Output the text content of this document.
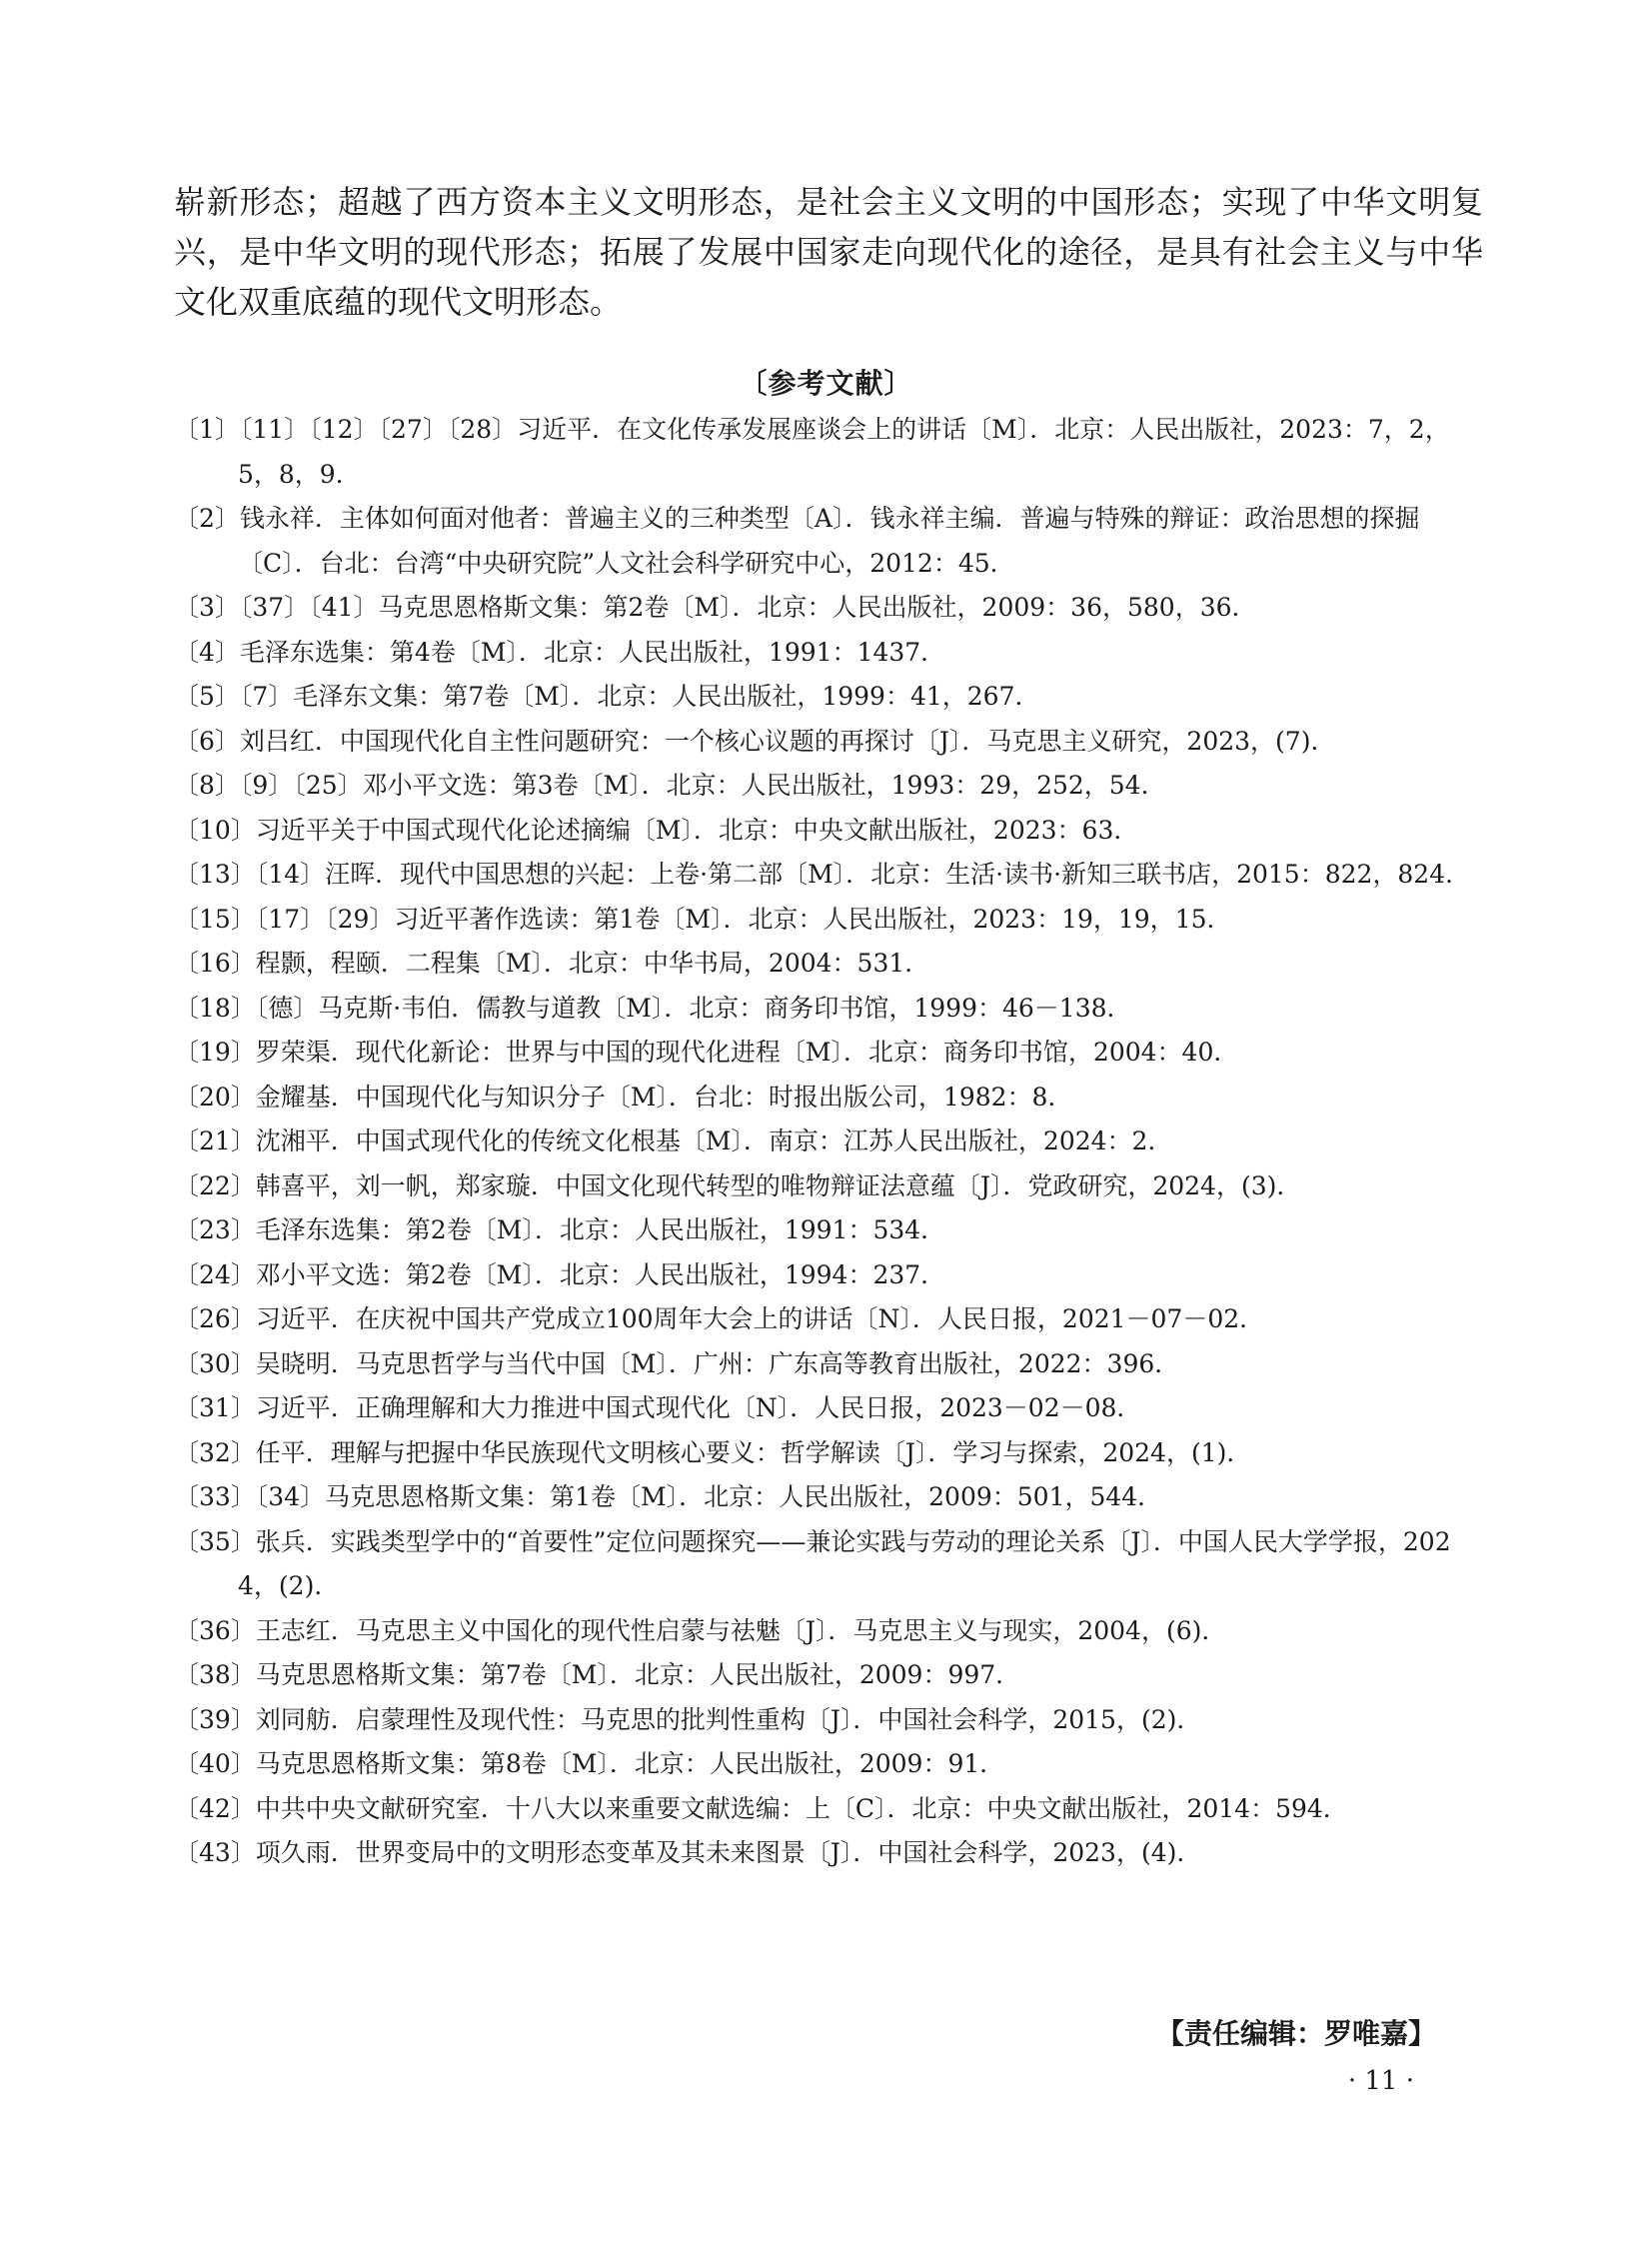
崭新形态；超越了西方资本主义文明形态，是社会主义文明的中国形态；实现了中华文明复兴，是中华文明的现代形态；拓展了发展中国家走向现代化的途径，是具有社会主义与中华文化双重底蕴的现代文明形态。

〔参考文献〕
〔1〕〔11〕〔12〕〔27〕〔28〕习近平．在文化传承发展座谈会上的讲话〔M〕．北京：人民出版社，2023：7，2，5，8，9．
〔2〕钱永祥．主体如何面对他者：普遍主义的三种类型〔A〕．钱永祥主编．普遍与特殊的辩证：政治思想的探掘〔C〕．台北：台湾“中央研究院”人文社会科学研究中心，2012：45．
〔3〕〔37〕〔41〕马克思恩格斯文集：第2卷〔M〕．北京：人民出版社，2009：36，580，36．
〔4〕毛泽东选集：第4卷〔M〕．北京：人民出版社，1991：1437．
〔5〕〔7〕毛泽东文集：第7卷〔M〕．北京：人民出版社，1999：41，267．
〔6〕刘吕红．中国现代化自主性问题研究：一个核心议题的再探讨〔J〕．马克思主义研究，2023，(7)．
〔8〕〔9〕〔25〕邓小平文选：第3卷〔M〕．北京：人民出版社，1993：29，252，54．
〔10〕习近平关于中国式现代化论述摘编〔M〕．北京：中央文献出版社，2023：63．
〔13〕〔14〕汪晖．现代中国思想的兴起：上卷·第二部〔M〕．北京：生活·读书·新知三联书店，2015：822，824．
〔15〕〔17〕〔29〕习近平著作选读：第1卷〔M〕．北京：人民出版社，2023：19，19，15．
〔16〕程颢，程颐．二程集〔M〕．北京：中华书局，2004：531．
〔18〕〔德〕马克斯·韦伯．儒教与道教〔M〕．北京：商务印书馆，1999：46－138．
〔19〕罗荣渠．现代化新论：世界与中国的现代化进程〔M〕．北京：商务印书馆，2004：40．
〔20〕金耀基．中国现代化与知识分子〔M〕．台北：时报出版公司，1982：8．
〔21〕沈湘平．中国式现代化的传统文化根基〔M〕．南京：江苏人民出版社，2024：2．
〔22〕韩喜平，刘一帆，郑家璇．中国文化现代转型的唯物辩证法意蕴〔J〕．党政研究，2024，(3)．
〔23〕毛泽东选集：第2卷〔M〕．北京：人民出版社，1991：534．
〔24〕邓小平文选：第2卷〔M〕．北京：人民出版社，1994：237．
〔26〕习近平．在庆祝中国共产党成立100周年大会上的讲话〔N〕．人民日报，2021－07－02．
〔30〕吴晓明．马克思哲学与当代中国〔M〕．广州：广东高等教育出版社，2022：396．
〔31〕习近平．正确理解和大力推进中国式现代化〔N〕．人民日报，2023－02－08．
〔32〕任平．理解与把握中华民族现代文明核心要义：哲学解读〔J〕．学习与探索，2024，(1)．
〔33〕〔34〕马克思恩格斯文集：第1卷〔M〕．北京：人民出版社，2009：501，544．
〔35〕张兵．实践类型学中的“首要性”定位问题探究——兼论实践与劳动的理论关系〔J〕．中国人民大学学报，2024，(2)．
〔36〕王志红．马克思主义中国化的现代性启蒙与祛魅〔J〕．马克思主义与现实，2004，(6)．
〔38〕马克思恩格斯文集：第7卷〔M〕．北京：人民出版社，2009：997．
〔39〕刘同舫．启蒙理性及现代性：马克思的批判性重构〔J〕．中国社会科学，2015，(2)．
〔40〕马克思恩格斯文集：第8卷〔M〕．北京：人民出版社，2009：91．
〔42〕中共中央文献研究室．十八大以来重要文献选编：上〔C〕．北京：中央文献出版社，2014：594．
〔43〕项久雨．世界变局中的文明形态变革及其未来图景〔J〕．中国社会科学，2023，(4)．
【责任编辑：罗唯嘉】
· 11 ·
